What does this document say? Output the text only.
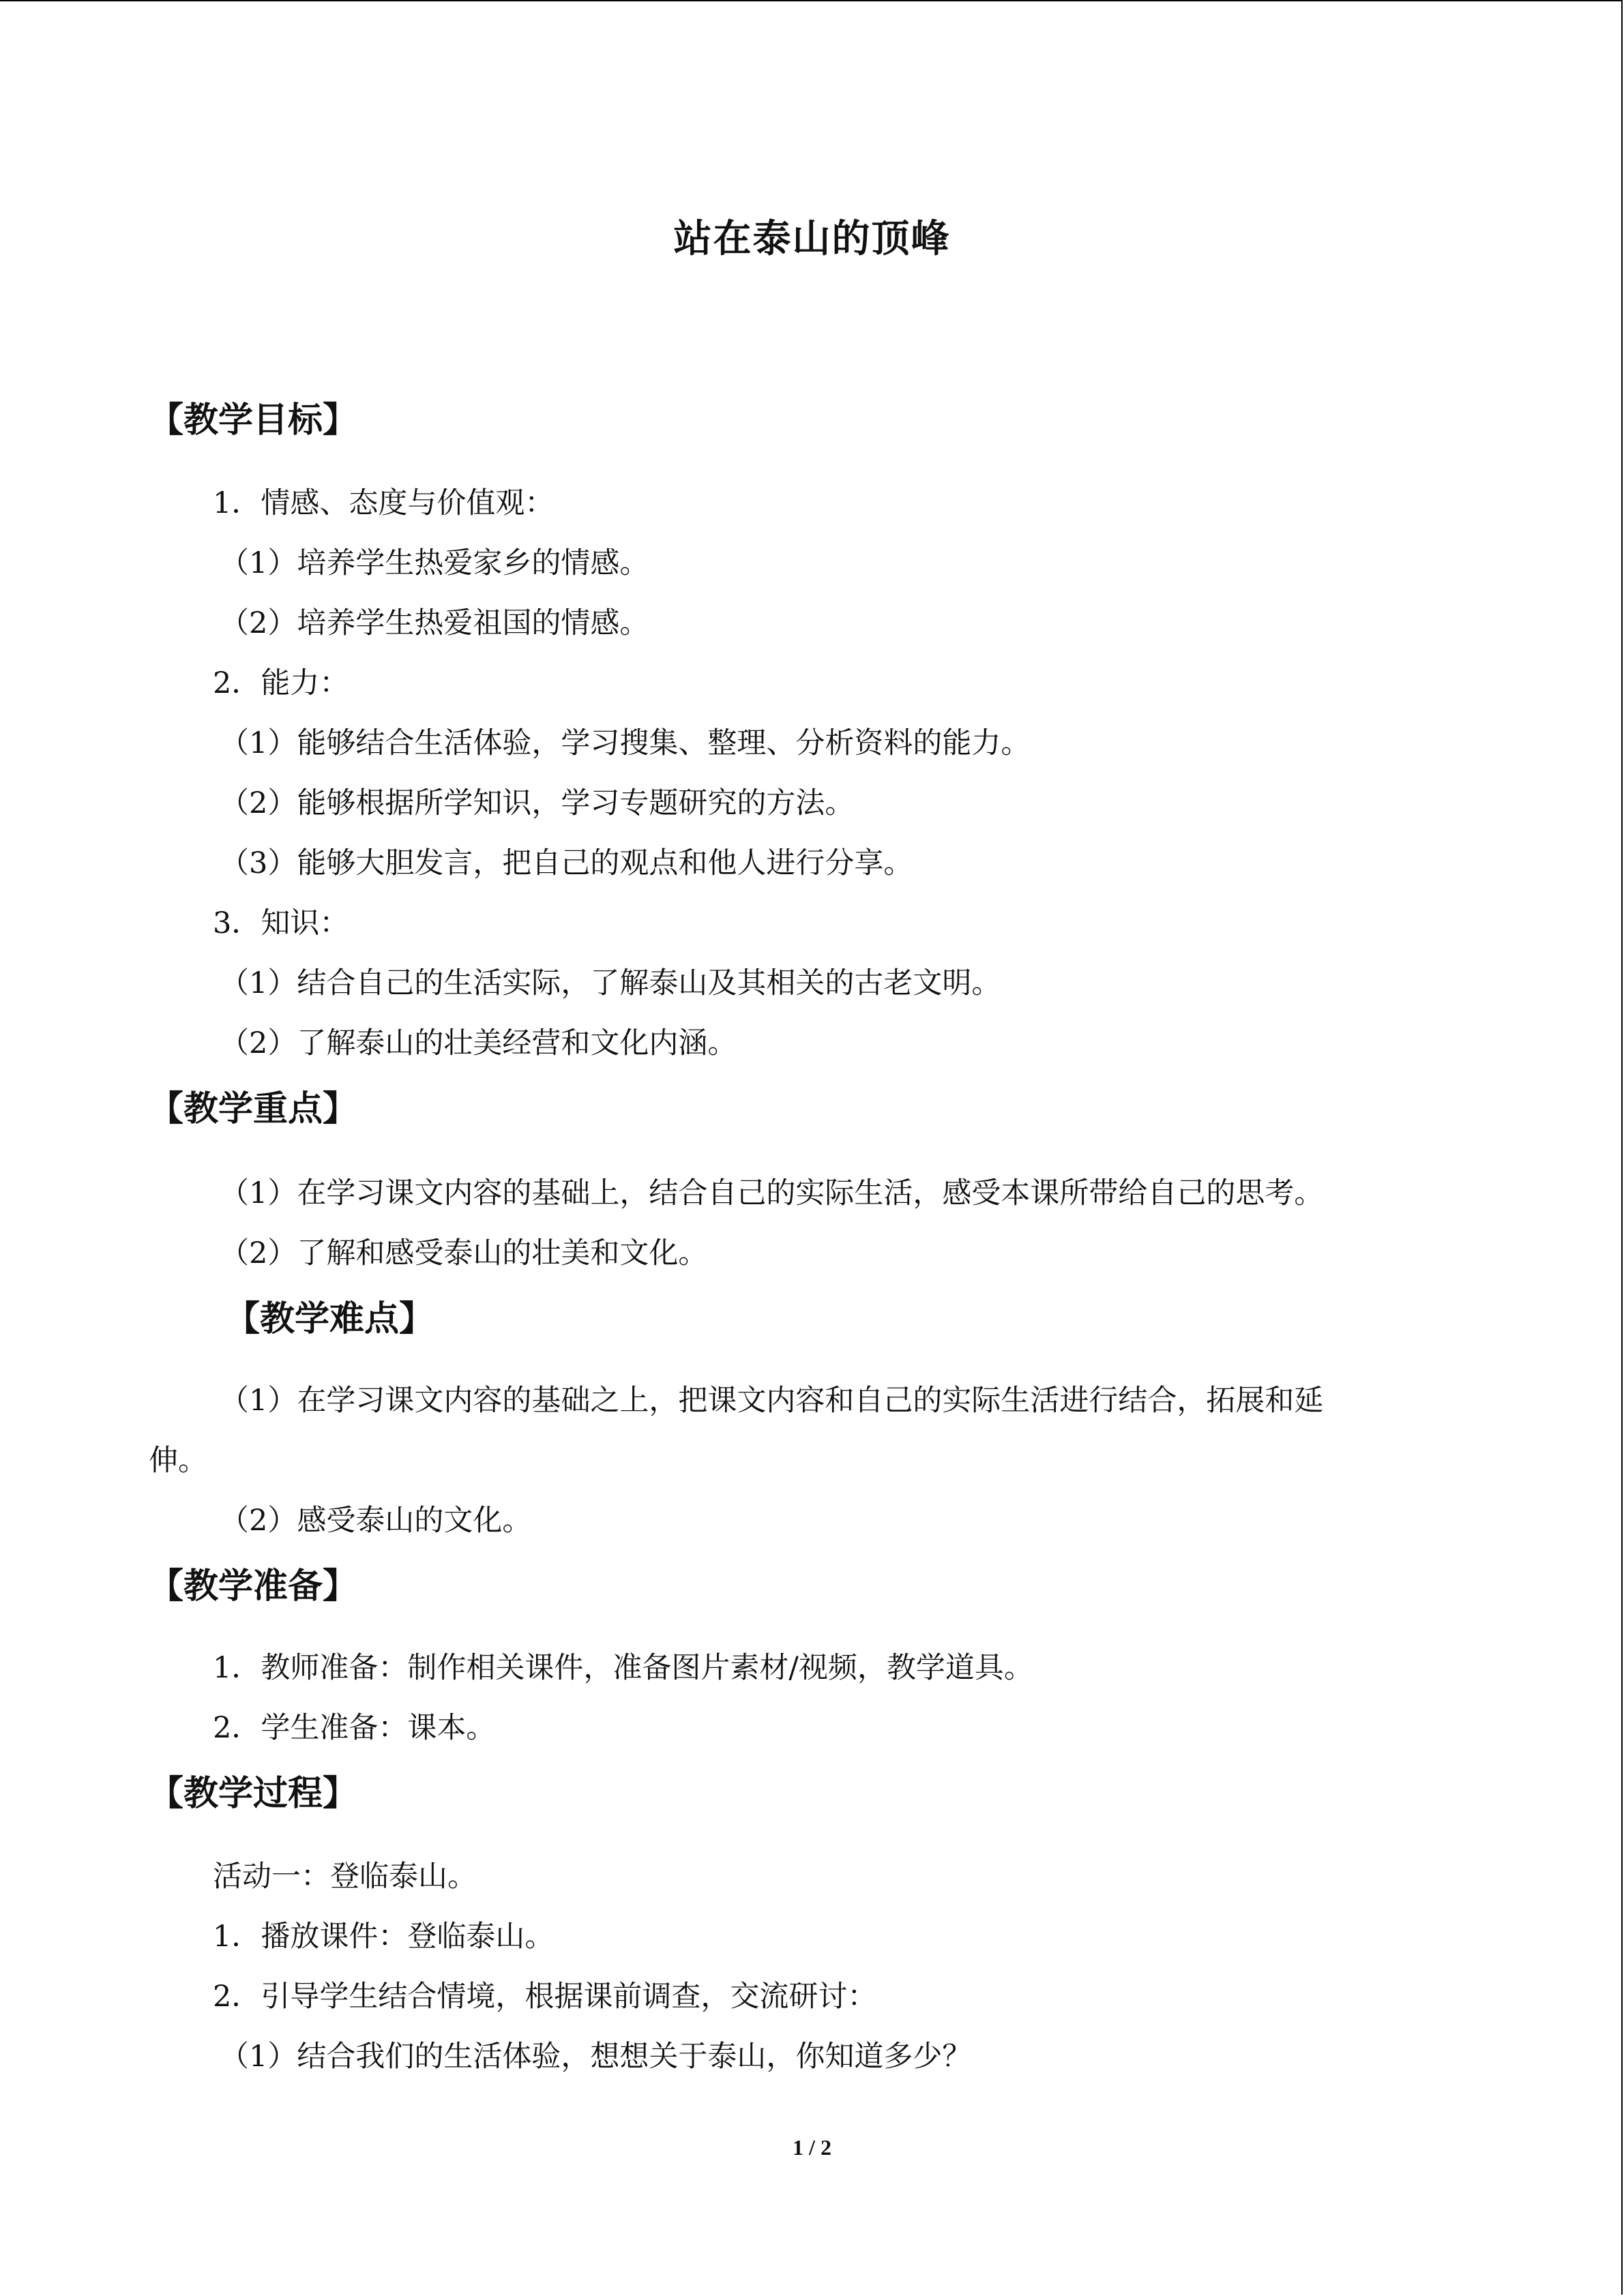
站在泰山的顶峰
【教学目标】
1．情感、态度与价值观：
（1）培养学生热爱家乡的情感。
（2）培养学生热爱祖国的情感。
2．能力：
（1）能够结合生活体验，学习搜集、整理、分析资料的能力。
（2）能够根据所学知识，学习专题研究的方法。
（3）能够大胆发言，把自己的观点和他人进行分享。
3．知识：
（1）结合自己的生活实际，了解泰山及其相关的古老文明。
（2）了解泰山的壮美经营和文化内涵。
【教学重点】
（1）在学习课文内容的基础上，结合自己的实际生活，感受本课所带给自己的思考。
（2）了解和感受泰山的壮美和文化。
【教学难点】
（1）在学习课文内容的基础之上，把课文内容和自己的实际生活进行结合，拓展和延
伸。
（2）感受泰山的文化。
【教学准备】
1．教师准备：制作相关课件，准备图片素材/视频，教学道具。
2．学生准备：课本。
【教学过程】
活动一：登临泰山。
1．播放课件：登临泰山。
2．引导学生结合情境，根据课前调查，交流研讨：
（1）结合我们的生活体验，想想关于泰山，你知道多少？
1 / 2
